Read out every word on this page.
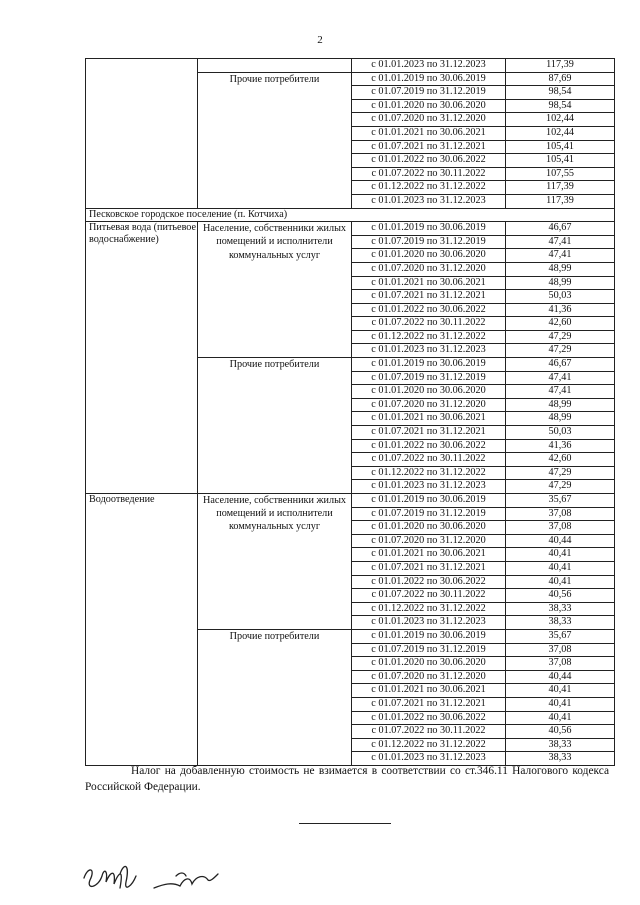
2
		с 01.01.2023 по 31.12.2023	117,39
	Прочие потребители	с 01.01.2019 по 30.06.2019	87,69
		с 01.07.2019 по 31.12.2019	98,54
		с 01.01.2020 по 30.06.2020	98,54
		с 01.07.2020 по 31.12.2020	102,44
		с 01.01.2021 по 30.06.2021	102,44
		с 01.07.2021 по 31.12.2021	105,41
		с 01.01.2022 по 30.06.2022	105,41
		с 01.07.2022 по 30.11.2022	107,55
		с 01.12.2022 по 31.12.2022	117,39
		с 01.01.2023 по 31.12.2023	117,39
Песковское городское поселение (п. Котчиха)			
Питьевая вода (питьевое водоснабжение)	Население, собственники жилых помещений и исполнители коммунальных услуг	с 01.01.2019 по 30.06.2019	46,67
		с 01.07.2019 по 31.12.2019	47,41
		с 01.01.2020 по 30.06.2020	47,41
		с 01.07.2020 по 31.12.2020	48,99
		с 01.01.2021 по 30.06.2021	48,99
		с 01.07.2021 по 31.12.2021	50,03
		с 01.01.2022 по 30.06.2022	41,36
		с 01.07.2022 по 30.11.2022	42,60
		с 01.12.2022 по 31.12.2022	47,29
		с 01.01.2023 по 31.12.2023	47,29
	Прочие потребители	с 01.01.2019 по 30.06.2019	46,67
		с 01.07.2019 по 31.12.2019	47,41
		с 01.01.2020 по 30.06.2020	47,41
		с 01.07.2020 по 31.12.2020	48,99
		с 01.01.2021 по 30.06.2021	48,99
		с 01.07.2021 по 31.12.2021	50,03
		с 01.01.2022 по 30.06.2022	41,36
		с 01.07.2022 по 30.11.2022	42,60
		с 01.12.2022 по 31.12.2022	47,29
		с 01.01.2023 по 31.12.2023	47,29
Водоотведение	Население, собственники жилых помещений и исполнители коммунальных услуг	с 01.01.2019 по 30.06.2019	35,67
		с 01.07.2019 по 31.12.2019	37,08
		с 01.01.2020 по 30.06.2020	37,08
		с 01.07.2020 по 31.12.2020	40,44
		с 01.01.2021 по 30.06.2021	40,41
		с 01.07.2021 по 31.12.2021	40,41
		с 01.01.2022 по 30.06.2022	40,41
		с 01.07.2022 по 30.11.2022	40,56
		с 01.12.2022 по 31.12.2022	38,33
		с 01.01.2023 по 31.12.2023	38,33
	Прочие потребители	с 01.01.2019 по 30.06.2019	35,67
		с 01.07.2019 по 31.12.2019	37,08
		с 01.01.2020 по 30.06.2020	37,08
		с 01.07.2020 по 31.12.2020	40,44
		с 01.01.2021 по 30.06.2021	40,41
		с 01.07.2021 по 31.12.2021	40,41
		с 01.01.2022 по 30.06.2022	40,41
		с 01.07.2022 по 30.11.2022	40,56
		с 01.12.2022 по 31.12.2022	38,33
		с 01.01.2023 по 31.12.2023	38,33
Налог на добавленную стоимость не взимается в соответствии со ст.346.11 Налогового кодекса Российской Федерации.
